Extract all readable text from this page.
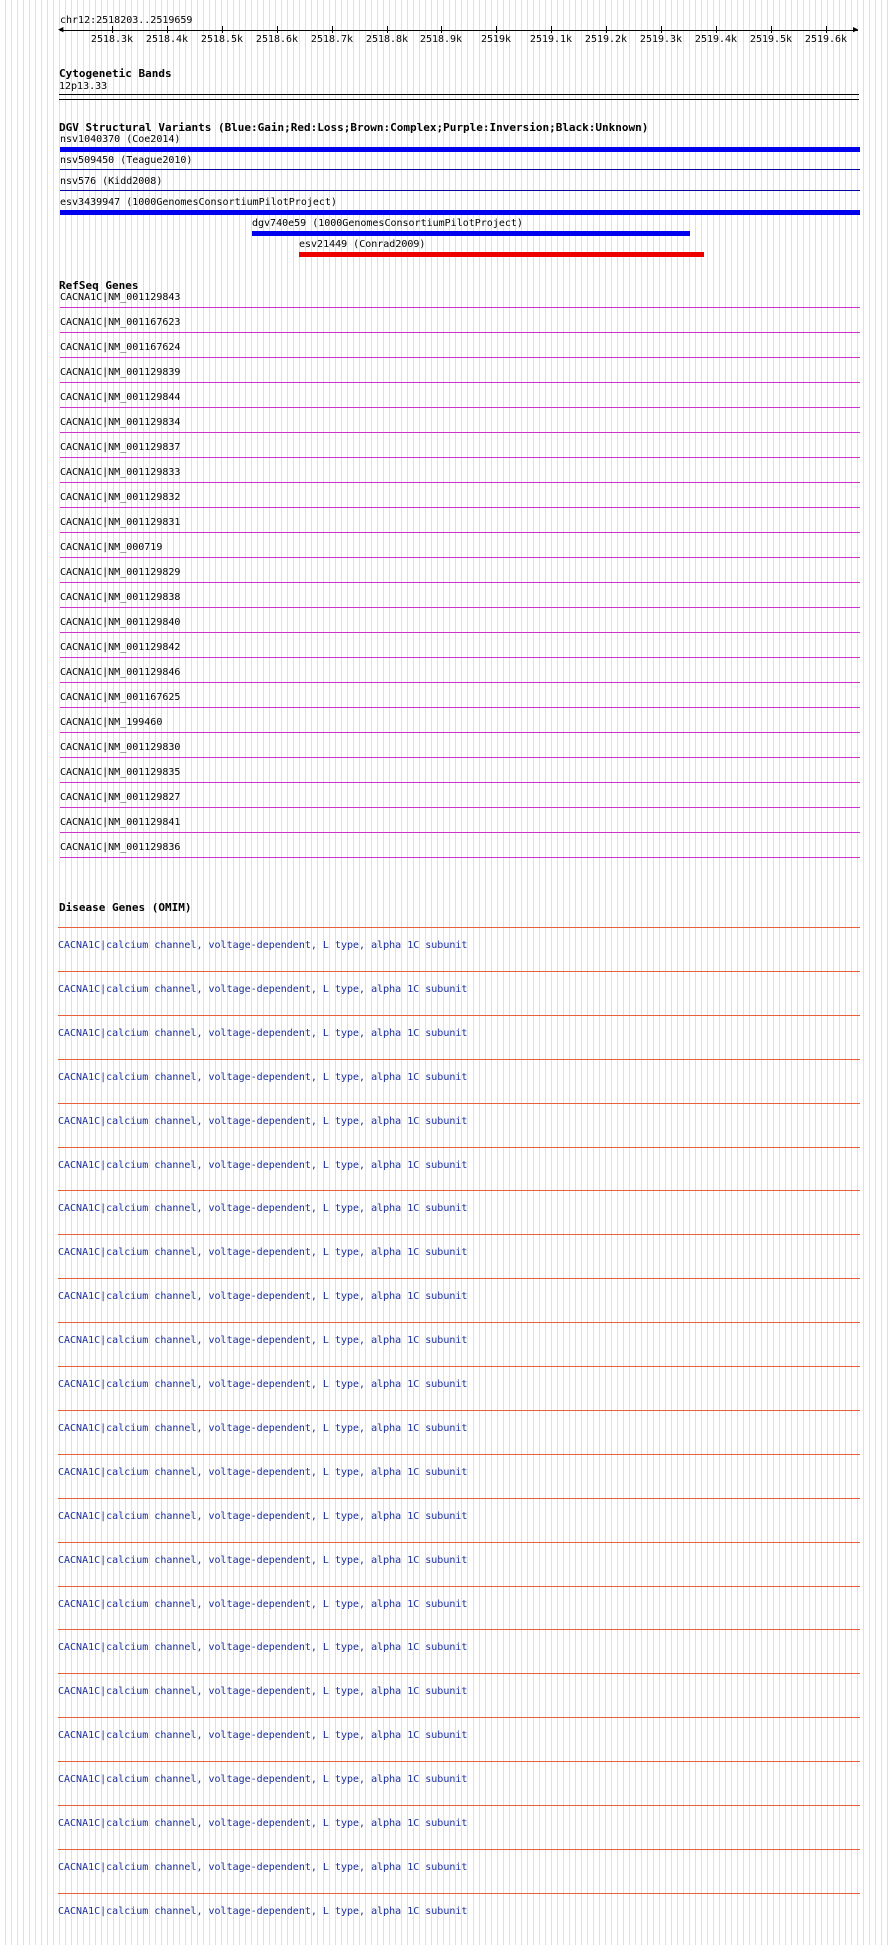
chr12:2518203..2519659
◀	▶
2518.3k 2518.4k 2518.5k 2518.6k 2518.7k 2518.8k 2518.9k 2519k 2519.1k 2519.2k 2519.3k 2519.4k 2519.5k 2519.6k
Cytogenetic Bands
12p13.33
DGV Structural Variants (Blue:Gain;Red:Loss;Brown:Complex;Purple:Inversion;Black:Unknown)
nsv1040370 (Coe2014)
nsv509450 (Teague2010)
nsv576 (Kidd2008)
esv3439947 (1000GenomesConsortiumPilotProject)
dgv740e59 (1000GenomesConsortiumPilotProject)
esv21449 (Conrad2009)
RefSeq Genes
CACNA1C|NM_001129843
CACNA1C|NM_001167623
CACNA1C|NM_001167624
CACNA1C|NM_001129839
CACNA1C|NM_001129844
CACNA1C|NM_001129834
CACNA1C|NM_001129837
CACNA1C|NM_001129833
CACNA1C|NM_001129832
CACNA1C|NM_001129831
CACNA1C|NM_000719
CACNA1C|NM_001129829
CACNA1C|NM_001129838
CACNA1C|NM_001129840
CACNA1C|NM_001129842
CACNA1C|NM_001129846
CACNA1C|NM_001167625
CACNA1C|NM_199460
CACNA1C|NM_001129830
CACNA1C|NM_001129835
CACNA1C|NM_001129827
CACNA1C|NM_001129841
CACNA1C|NM_001129836
Disease Genes (OMIM)
CACNA1C|calcium channel, voltage-dependent, L type, alpha 1C subunit
CACNA1C|calcium channel, voltage-dependent, L type, alpha 1C subunit
CACNA1C|calcium channel, voltage-dependent, L type, alpha 1C subunit
CACNA1C|calcium channel, voltage-dependent, L type, alpha 1C subunit
CACNA1C|calcium channel, voltage-dependent, L type, alpha 1C subunit
CACNA1C|calcium channel, voltage-dependent, L type, alpha 1C subunit
CACNA1C|calcium channel, voltage-dependent, L type, alpha 1C subunit
CACNA1C|calcium channel, voltage-dependent, L type, alpha 1C subunit
CACNA1C|calcium channel, voltage-dependent, L type, alpha 1C subunit
CACNA1C|calcium channel, voltage-dependent, L type, alpha 1C subunit
CACNA1C|calcium channel, voltage-dependent, L type, alpha 1C subunit
CACNA1C|calcium channel, voltage-dependent, L type, alpha 1C subunit
CACNA1C|calcium channel, voltage-dependent, L type, alpha 1C subunit
CACNA1C|calcium channel, voltage-dependent, L type, alpha 1C subunit
CACNA1C|calcium channel, voltage-dependent, L type, alpha 1C subunit
CACNA1C|calcium channel, voltage-dependent, L type, alpha 1C subunit
CACNA1C|calcium channel, voltage-dependent, L type, alpha 1C subunit
CACNA1C|calcium channel, voltage-dependent, L type, alpha 1C subunit
CACNA1C|calcium channel, voltage-dependent, L type, alpha 1C subunit
CACNA1C|calcium channel, voltage-dependent, L type, alpha 1C subunit
CACNA1C|calcium channel, voltage-dependent, L type, alpha 1C subunit
CACNA1C|calcium channel, voltage-dependent, L type, alpha 1C subunit
CACNA1C|calcium channel, voltage-dependent, L type, alpha 1C subunit
